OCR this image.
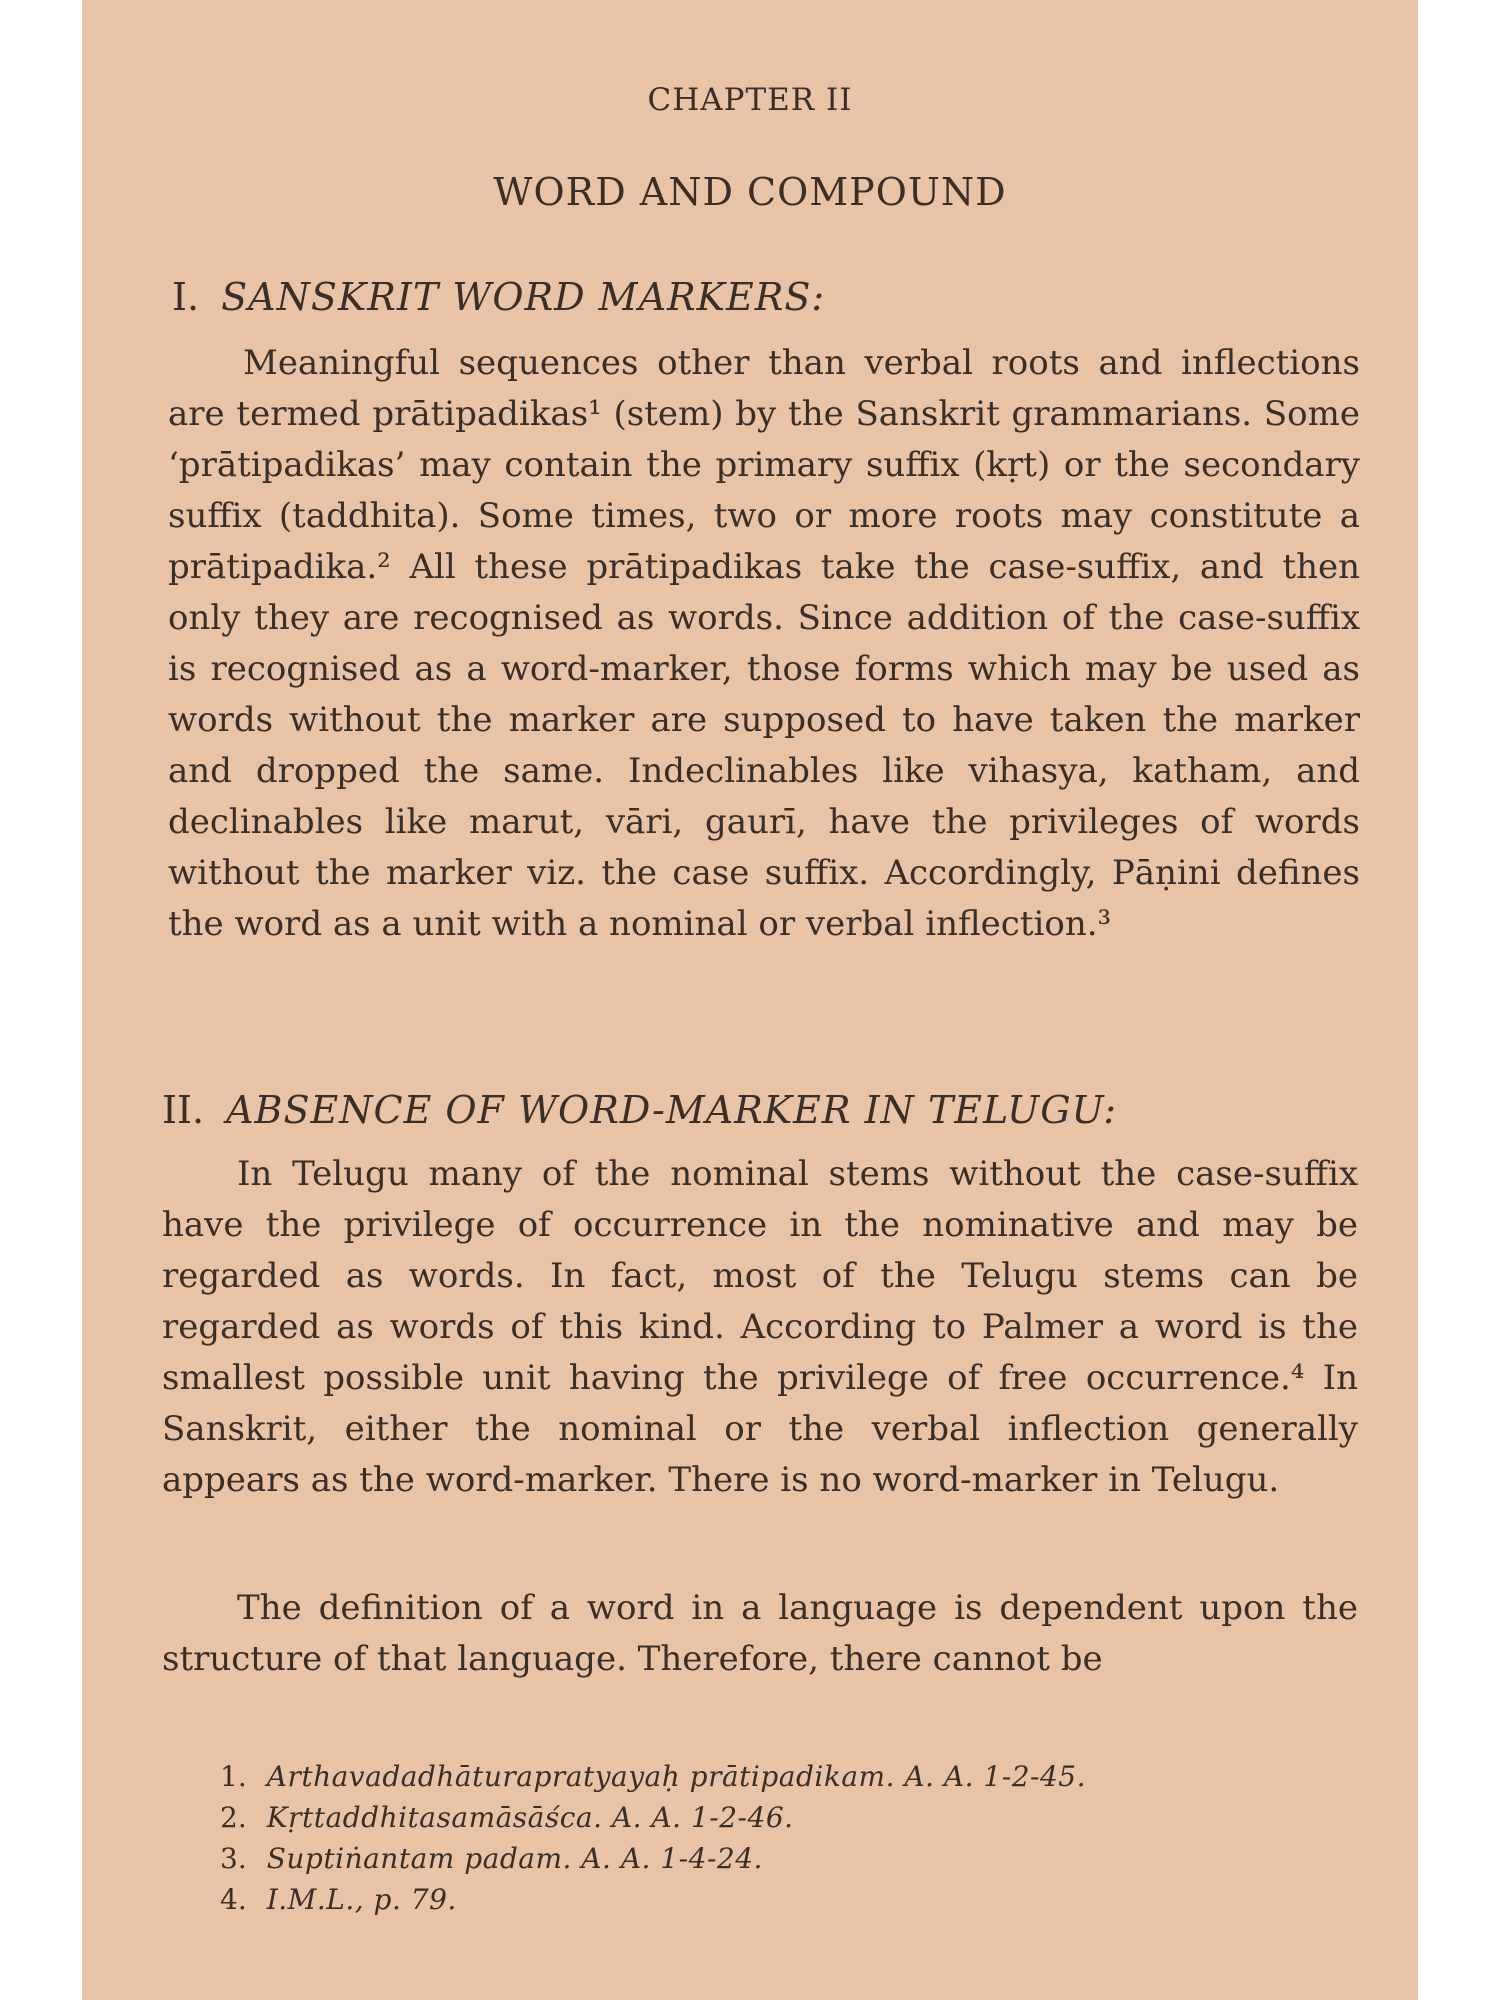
CHAPTER II
WORD AND COMPOUND
I. SANSKRIT WORD MARKERS:

Meaningful sequences other than verbal roots and inflections are termed prātipadikas¹ (stem) by the Sanskrit grammarians. Some ‘prātipadikas’ may contain the primary suffix (kṛt) or the secondary suffix (taddhita). Some times, two or more roots may constitute a prātipadika.² All these prātipadikas take the case-suffix, and then only they are recognised as words. Since addition of the case-suffix is recognised as a word-marker, those forms which may be used as words without the marker are supposed to have taken the marker and dropped the same. Indeclinables like vihasya, katham, and declinables like marut, vāri, gaurī, have the privileges of words without the marker viz. the case suffix. Accordingly, Pāṇini defines the word as a unit with a nominal or verbal inflection.³

II. ABSENCE OF WORD-MARKER IN TELUGU:

In Telugu many of the nominal stems without the case-suffix have the privilege of occurrence in the nominative and may be regarded as words. In fact, most of the Telugu stems can be regarded as words of this kind. According to Palmer a word is the smallest possible unit having the privilege of free occurrence.⁴ In Sanskrit, either the nominal or the verbal inflection generally appears as the word-marker. There is no word-marker in Telugu.

The definition of a word in a language is dependent upon the structure of that language. Therefore, there cannot be

1. Arthavadadhāturapratyayaḥ prātipadikam. A. A. 1-2-45.
2. Kṛttaddhitasamāsāśca. A. A. 1-2-46.
3. Suptiṅantam padam. A. A. 1-4-24.
4. I.M.L., p. 79.
